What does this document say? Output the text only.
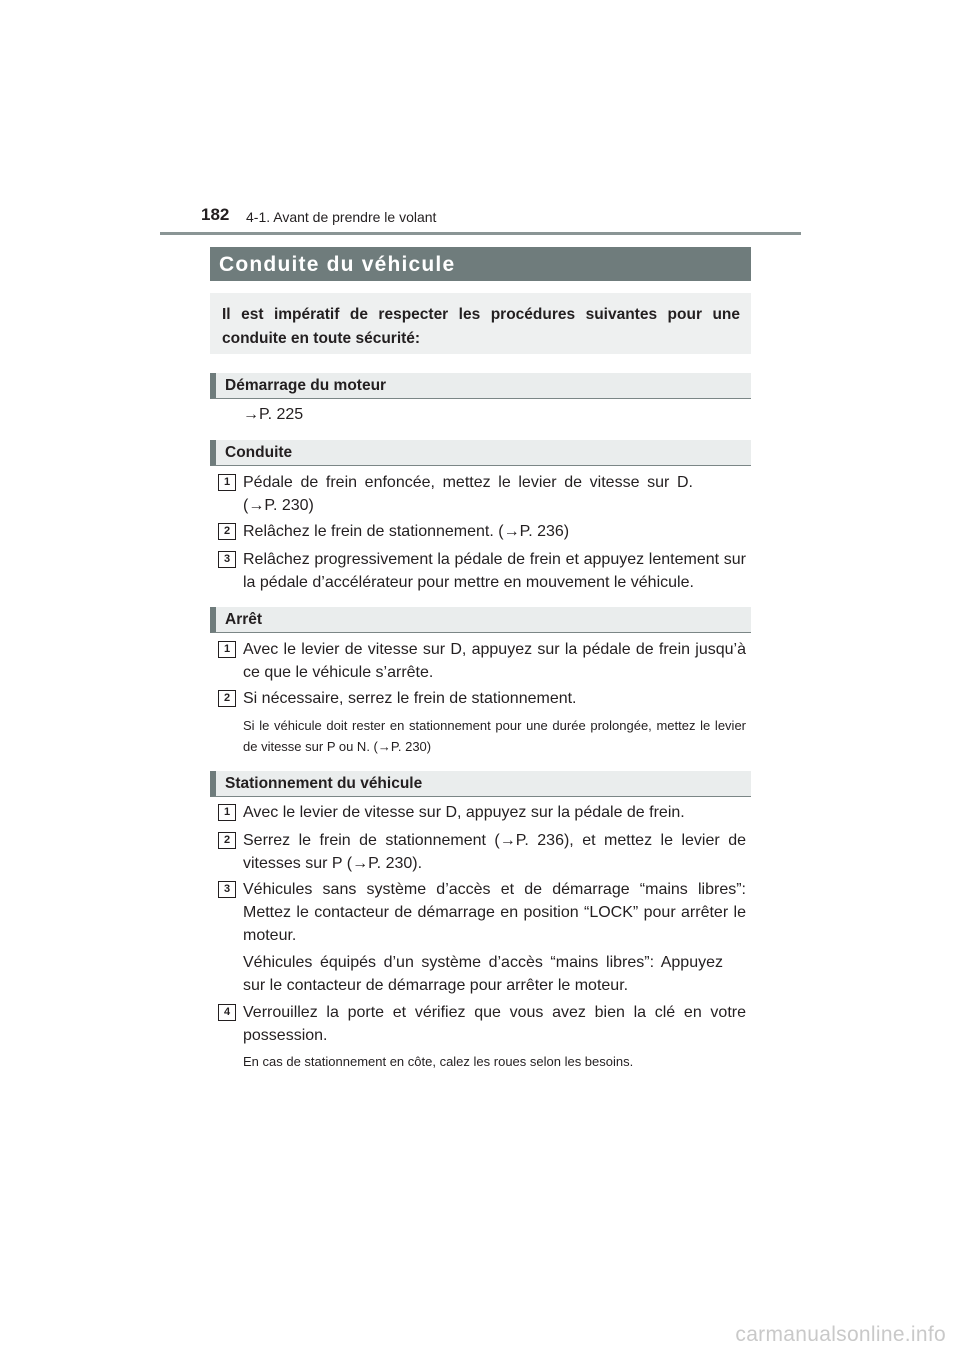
182 4-1. Avant de prendre le volant
Conduite du véhicule
Il est impératif de respecter les procédures suivantes pour une conduite en toute sécurité:
Démarrage du moteur
→P. 225
Conduite
1 Pédale de frein enfoncée, mettez le levier de vitesse sur D. (→P. 230)
2 Relâchez le frein de stationnement. (→P. 236)
3 Relâchez progressivement la pédale de frein et appuyez lentement sur la pédale d’accélérateur pour mettre en mouvement le véhicule.
Arrêt
1 Avec le levier de vitesse sur D, appuyez sur la pédale de frein jusqu’à ce que le véhicule s’arrête.
2 Si nécessaire, serrez le frein de stationnement.
Si le véhicule doit rester en stationnement pour une durée prolongée, mettez le levier de vitesse sur P ou N. (→P. 230)
Stationnement du véhicule
1 Avec le levier de vitesse sur D, appuyez sur la pédale de frein.
2 Serrez le frein de stationnement (→P. 236), et mettez le levier de vitesses sur P (→P. 230).
3 Véhicules sans système d’accès et de démarrage “mains libres”: Mettez le contacteur de démarrage en position “LOCK” pour arrêter le moteur.
Véhicules équipés d’un système d’accès “mains libres”: Appuyez sur le contacteur de démarrage pour arrêter le moteur.
4 Verrouillez la porte et vérifiez que vous avez bien la clé en votre possession.
En cas de stationnement en côte, calez les roues selon les besoins.
carmanualsonline.info
